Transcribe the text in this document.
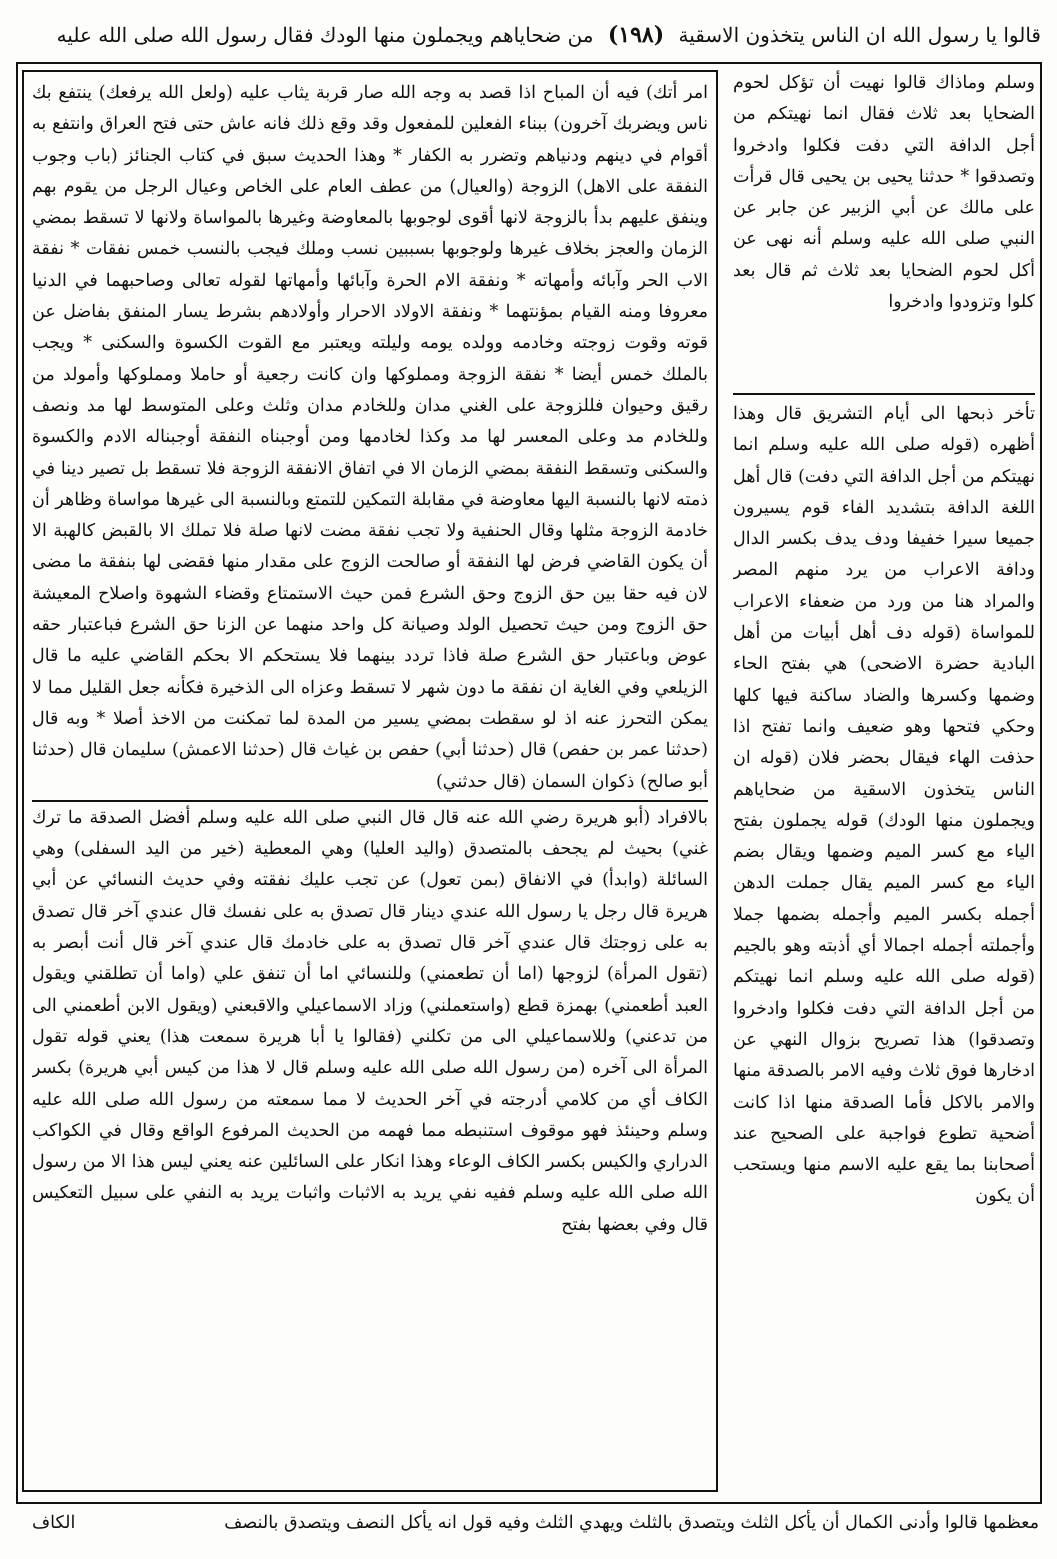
قالوا يا رسول الله ان الناس يتخذون الاسقية (١٩٨) من ضحاياهم ويجملون منها الودك فقال رسول الله صلى الله عليه
وسلم وماذاك قالوا نهيت أن تؤكل لحوم الضحايا بعد ثلاث فقال انما نهيتكم من أجل الدافة التي دفت فكلوا وادخروا وتصدقوا * حدثنا يحيى بن يحيى قال قرأت على مالك عن أبي الزبير عن جابر عن النبي صلى الله عليه وسلم أنه نهى عن أكل لحوم الضحايا بعد ثلاث ثم قال بعد كلوا وتزودوا وادخروا
تأخر ذبحها الى أيام التشريق قال وهذا أظهره (قوله صلى الله عليه وسلم انما نهيتكم من أجل الدافة التي دفت) قال أهل اللغة الدافة بتشديد الفاء قوم يسيرون جميعا سيرا خفيفا ودف يدف بكسر الدال ودافة الاعراب من يرد منهم المصر والمراد هنا من ورد من ضعفاء الاعراب للمواساة (قوله دف أهل أبيات من أهل البادية حضرة الاضحى) هي بفتح الحاء وضمها وكسرها والضاد ساكنة فيها كلها وحكي فتحها وهو ضعيف وانما تفتح اذا حذفت الهاء فيقال بحضر فلان (قوله ان الناس يتخذون الاسقية من ضحاياهم ويجملون منها الودك) قوله يجملون بفتح الياء مع كسر الميم وضمها ويقال بضم الياء مع كسر الميم يقال جملت الدهن أجمله بكسر الميم وأجمله بضمها جملا وأجملته أجمله اجمالا أي أذبته وهو بالجيم (قوله صلى الله عليه وسلم انما نهيتكم من أجل الدافة التي دفت فكلوا وادخروا وتصدقوا) هذا تصريح بزوال النهي عن ادخارها فوق ثلاث وفيه الامر بالصدقة منها والامر بالاكل فأما الصدقة منها اذا كانت أضحية تطوع فواجبة على الصحيح عند أصحابنا بما يقع عليه الاسم منها ويستحب أن يكون
امر أتك) فيه أن المباح اذا قصد به وجه الله صار قربة يثاب عليه (ولعل الله يرفعك) ينتفع بك ناس ويضربك آخرون) ببناء الفعلين للمفعول وقد وقع ذلك فانه عاش حتى فتح العراق وانتفع به أقوام في دينهم ودنياهم وتضرر به الكفار * وهذا الحديث سبق في كتاب الجنائز (باب وجوب النفقة على الاهل) الزوجة (والعيال) من عطف العام على الخاص وعيال الرجل من يقوم بهم وينفق عليهم بدأ بالزوجة لانها أقوى لوجوبها بالمعاوضة وغيرها بالمواساة ولانها لا تسقط بمضي الزمان والعجز بخلاف غيرها ولوجوبها بسببين نسب وملك فيجب بالنسب خمس نفقات * نفقة الاب الحر وآبائه وأمهاته * ونفقة الام الحرة وآبائها وأمهاتها لقوله تعالى وصاحبهما في الدنيا معروفا ومنه القيام بمؤنتهما * ونفقة الاولاد الاحرار وأولادهم بشرط يسار المنفق بفاضل عن قوته وقوت زوجته وخادمه وولده يومه وليلته ويعتبر مع القوت الكسوة والسكنى * ويجب بالملك خمس أيضا * نفقة الزوجة ومملوكها وان كانت رجعية أو حاملا ومملوكها وأمولد من رقيق وحيوان فللزوجة على الغني مدان وللخادم مدان وثلث وعلى المتوسط لها مد ونصف وللخادم مد وعلى المعسر لها مد وكذا لخادمها ومن أوجبناه النفقة أوجبناله الادم والكسوة والسكنى وتسقط النفقة بمضي الزمان الا في اتفاق الانفقة الزوجة فلا تسقط بل تصير دينا في ذمته لانها بالنسبة اليها معاوضة في مقابلة التمكين للتمتع وبالنسبة الى غيرها مواساة وظاهر أن خادمة الزوجة مثلها وقال الحنفية ولا تجب نفقة مضت لانها صلة فلا تملك الا بالقبض كالهبة الا أن يكون القاضي فرض لها النفقة أو صالحت الزوج على مقدار منها فقضى لها بنفقة ما مضى لان فيه حقا بين حق الزوج وحق الشرع فمن حيث الاستمتاع وقضاء الشهوة واصلاح المعيشة حق الزوج ومن حيث تحصيل الولد وصيانة كل واحد منهما عن الزنا حق الشرع فباعتبار حقه عوض وباعتبار حق الشرع صلة فاذا تردد بينهما فلا يستحكم الا بحكم القاضي عليه ما قال الزيلعي وفي الغاية ان نفقة ما دون شهر لا تسقط وعزاه الى الذخيرة فكأنه جعل القليل مما لا يمكن التحرز عنه اذ لو سقطت بمضي يسير من المدة لما تمكنت من الاخذ أصلا * وبه قال (حدثنا عمر بن حفص) قال (حدثنا أبي) حفص بن غياث قال (حدثنا الاعمش) سليمان قال (حدثنا أبو صالح) ذكوان السمان (قال حدثني)
بالافراد (أبو هريرة رضي الله عنه قال قال النبي صلى الله عليه وسلم أفضل الصدقة ما ترك غني) بحيث لم يجحف بالمتصدق (واليد العليا) وهي المعطية (خير من اليد السفلى) وهي السائلة (وابدأ) في الانفاق (بمن تعول) عن تجب عليك نفقته وفي حديث النسائي عن أبي هريرة قال رجل يا رسول الله عندي دينار قال تصدق به على نفسك قال عندي آخر قال تصدق به على زوجتك قال عندي آخر قال تصدق به على خادمك قال عندي آخر قال أنت أبصر به (تقول المرأة) لزوجها (اما أن تطعمني) وللنسائي اما أن تنفق علي (واما أن تطلقني ويقول العبد أطعمني) بهمزة قطع (واستعملني) وزاد الاسماعيلي والاقبعني (ويقول الابن أطعمني الى من تدعني) وللاسماعيلي الى من تكلني (فقالوا يا أبا هريرة سمعت هذا) يعني قوله تقول المرأة الى آخره (من رسول الله صلى الله عليه وسلم قال لا هذا من كيس أبي هريرة) بكسر الكاف أي من كلامي أدرجته في آخر الحديث لا مما سمعته من رسول الله صلى الله عليه وسلم وحينئذ فهو موقوف استنبطه مما فهمه من الحديث المرفوع الواقع وقال في الكواكب الدراري والكيس بكسر الكاف الوعاء وهذا انكار على السائلين عنه يعني ليس هذا الا من رسول الله صلى الله عليه وسلم ففيه نفي يريد به الاثبات واثبات يريد به النفي على سبيل التعكيس قال وفي بعضها بفتح
معظمها قالوا وأدنى الكمال أن يأكل الثلث ويتصدق بالثلث ويهدي الثلث وفيه قول انه يأكل النصف ويتصدق بالنصف
الكاف
